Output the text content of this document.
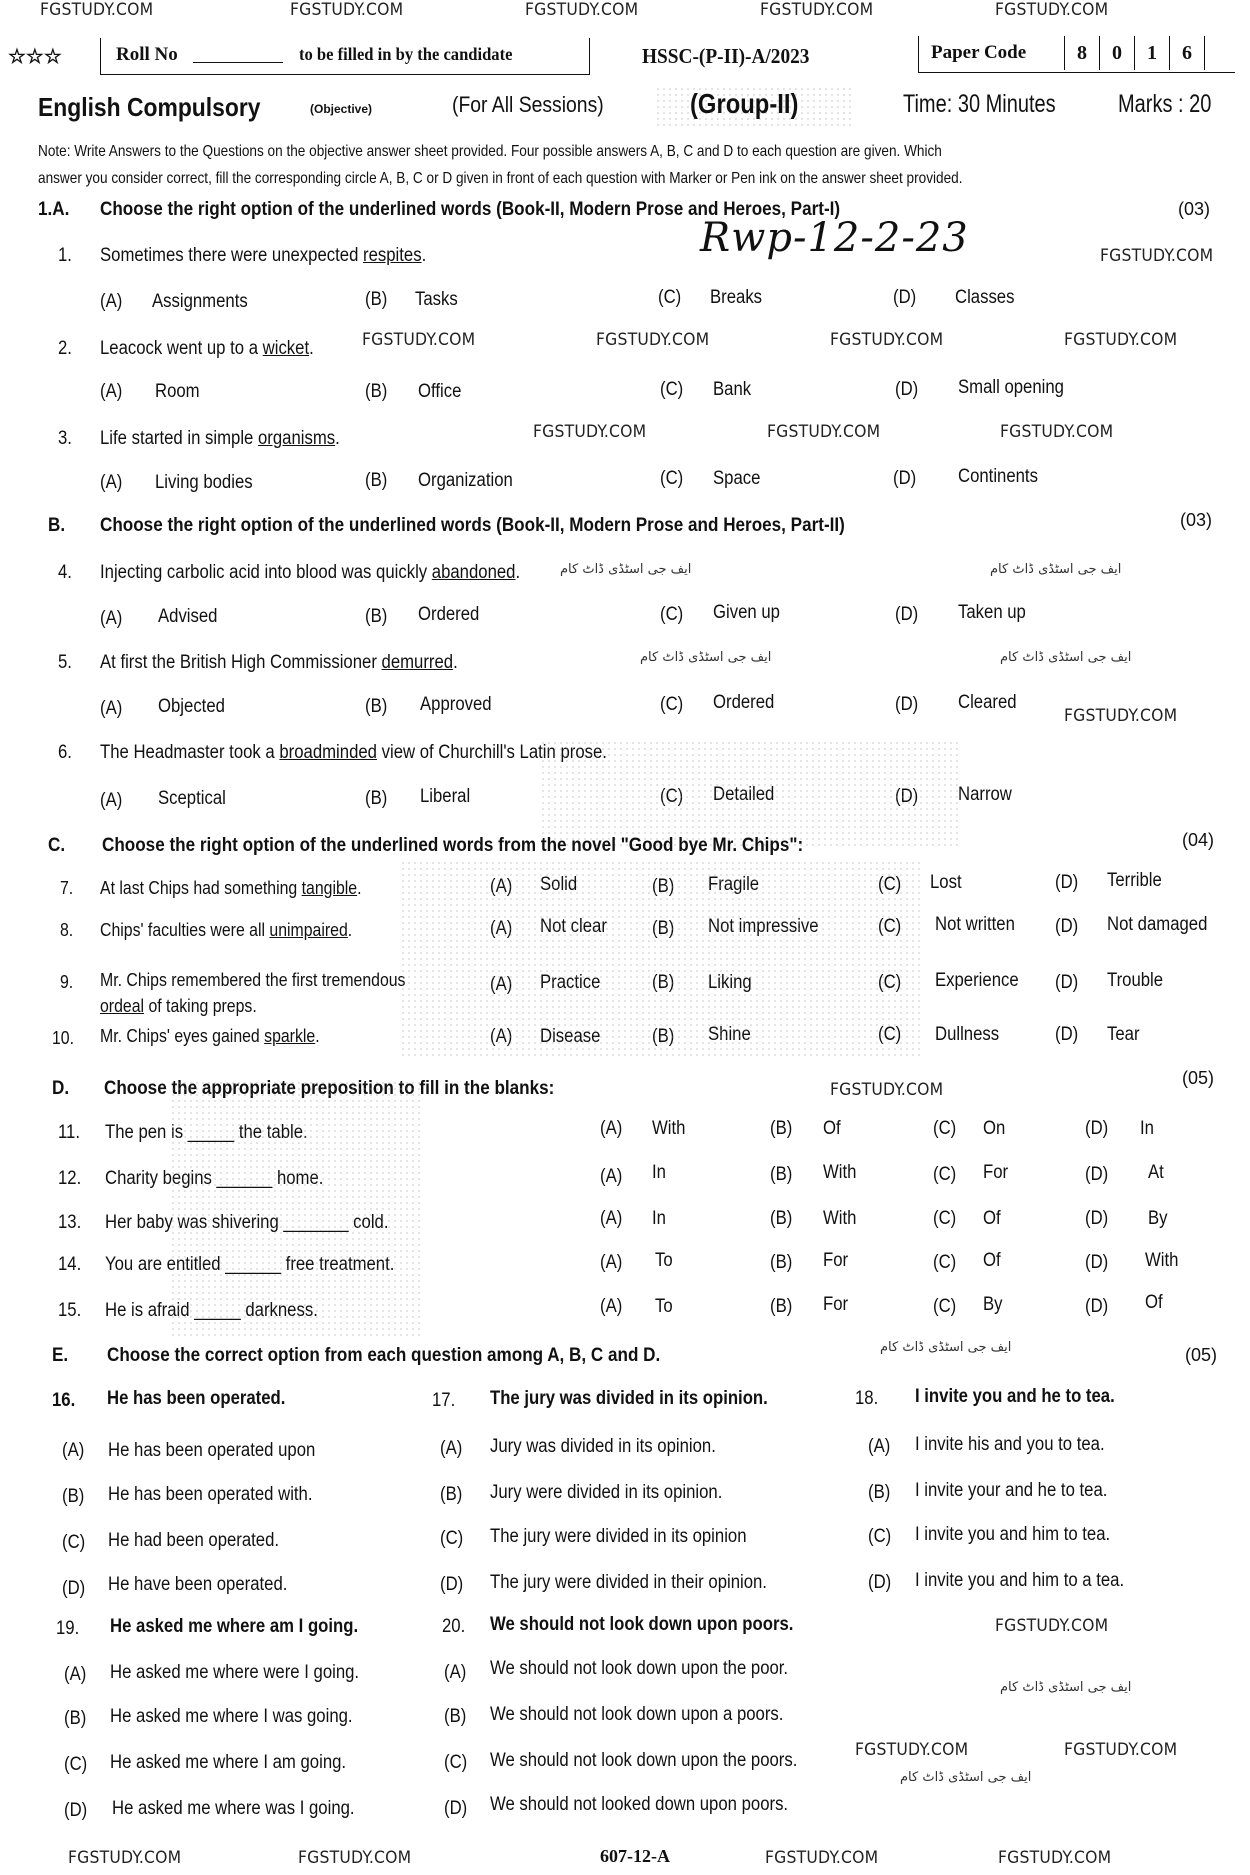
FGSTUDY.COM	FGSTUDY.COM	FGSTUDY.COM	FGSTUDY.COM	FGSTUDY.COM
☆☆☆	Roll No	to be filled in by the candidate	HSSC-(P-II)-A/2023	Paper Code	8 0 1 6
English Compulsory	(Objective)	(For All Sessions)	(Group-II)	Time: 30 Minutes Marks : 20
Note: Write Answers to the Questions on the objective answer sheet provided. Four possible answers A, B, C and D to each question are given. Which
answer you consider correct, fill the corresponding circle A, B, C or D given in front of each question with Marker or Pen ink on the answer sheet provided.
1.A. Choose the right option of the underlined words (Book-II, Modern Prose and Heroes, Part-I)	(03)
Rwp-12-2-23
1. Sometimes there were unexpected respites.	FGSTUDY.COM
(A) Assignments	(B) Tasks	(C) Breaks	(D) Classes
2. Leacock went up to a wicket.	FGSTUDY.COM	FGSTUDY.COM	FGSTUDY.COM	FGSTUDY.COM
(A) Room	(B) Office	(C) Bank	(D) Small opening
3. Life started in simple organisms.	FGSTUDY.COM	FGSTUDY.COM	FGSTUDY.COM
(A) Living bodies	(B) Organization	(C) Space	(D) Continents
B. Choose the right option of the underlined words (Book-II, Modern Prose and Heroes, Part-II)	(03)
4. Injecting carbolic acid into blood was quickly abandoned.
(A) Advised	(B) Ordered	(C) Given up	(D) Taken up
5. At first the British High Commissioner demurred.
(A) Objected	(B) Approved	(C) Ordered	(D) Cleared
FGSTUDY.COM
6. The Headmaster took a broadminded view of Churchill's Latin prose.
(A) Sceptical	(B) Liberal	(C) Detailed	(D) Narrow
C. Choose the right option of the underlined words from the novel "Good bye Mr. Chips":	(04)
7. At last Chips had something tangible.	(A) Solid	(B) Fragile	(C) Lost	(D) Terrible
8. Chips' faculties were all unimpaired.	(A) Not clear (B) Not impressive	(C) Not written (D) Not damaged
9. Mr. Chips remembered the first tremendous
ordeal of taking preps.
(A) Practice	(B) Liking	(C) Experience (D) Trouble
10. Mr. Chips' eyes gained sparkle.	(A) Disease	(B) Shine	(C) Dullness	(D) Tear
D. Choose the appropriate preposition to fill in the blanks:	(05)
FGSTUDY.COM
11. The pen is _____ the table.	(A) With	(B) Of	(C) On	(D) In
12. Charity begins ______ home.	(A) In	(B) With	(C) For	(D) At
13. Her baby was shivering _______ cold.	(A) In	(B) With	(C) Of	(D) By
14. You are entitled ______ free treatment.	(A) To	(B) For	(C) Of	(D) With
15. He is afraid _____ darkness.	(A) To	(B) For	(C) By	(D) Of
E. Choose the correct option from each question among A, B, C and D.	(05)
16. He has been operated.	17. The jury was divided in its opinion.	18. I invite you and he to tea.
(A) He has been operated upon	(A) Jury was divided in its opinion.	(A) I invite his and you to tea.
(B) He has been operated with.	(B) Jury were divided in its opinion.	(B) I invite your and he to tea.
(C) He had been operated.	(C) The jury were divided in its opinion	(C) I invite you and him to tea.
(D) He have been operated.	(D) The jury were divided in their opinion.	(D) I invite you and him to a tea.
19. He asked me where am I going.	20. We should not look down upon poors.	FGSTUDY.COM
(A) He asked me where were I going.	(A) We should not look down upon the poor.
(B) He asked me where I was going.	(B) We should not look down upon a poors.
FGSTUDY.COM	FGSTUDY.COM
(C) He asked me where I am going.	(C) We should not look down upon the poors.
(D) He asked me where was I going.	(D) We should not looked down upon poors.
ایف جی اسٹڈی ڈاٹ کام	ایف جی اسٹڈی ڈاٹ کام
ایف جی اسٹڈی ڈاٹ کام	ایف جی اسٹڈی ڈاٹ کام
ایف جی اسٹڈی ڈاٹ کام
ایف جی اسٹڈی ڈاٹ کام
ایف جی اسٹڈی ڈاٹ کام
FGSTUDY.COM	FGSTUDY.COM	607-12-A	FGSTUDY.COM	FGSTUDY.COM
